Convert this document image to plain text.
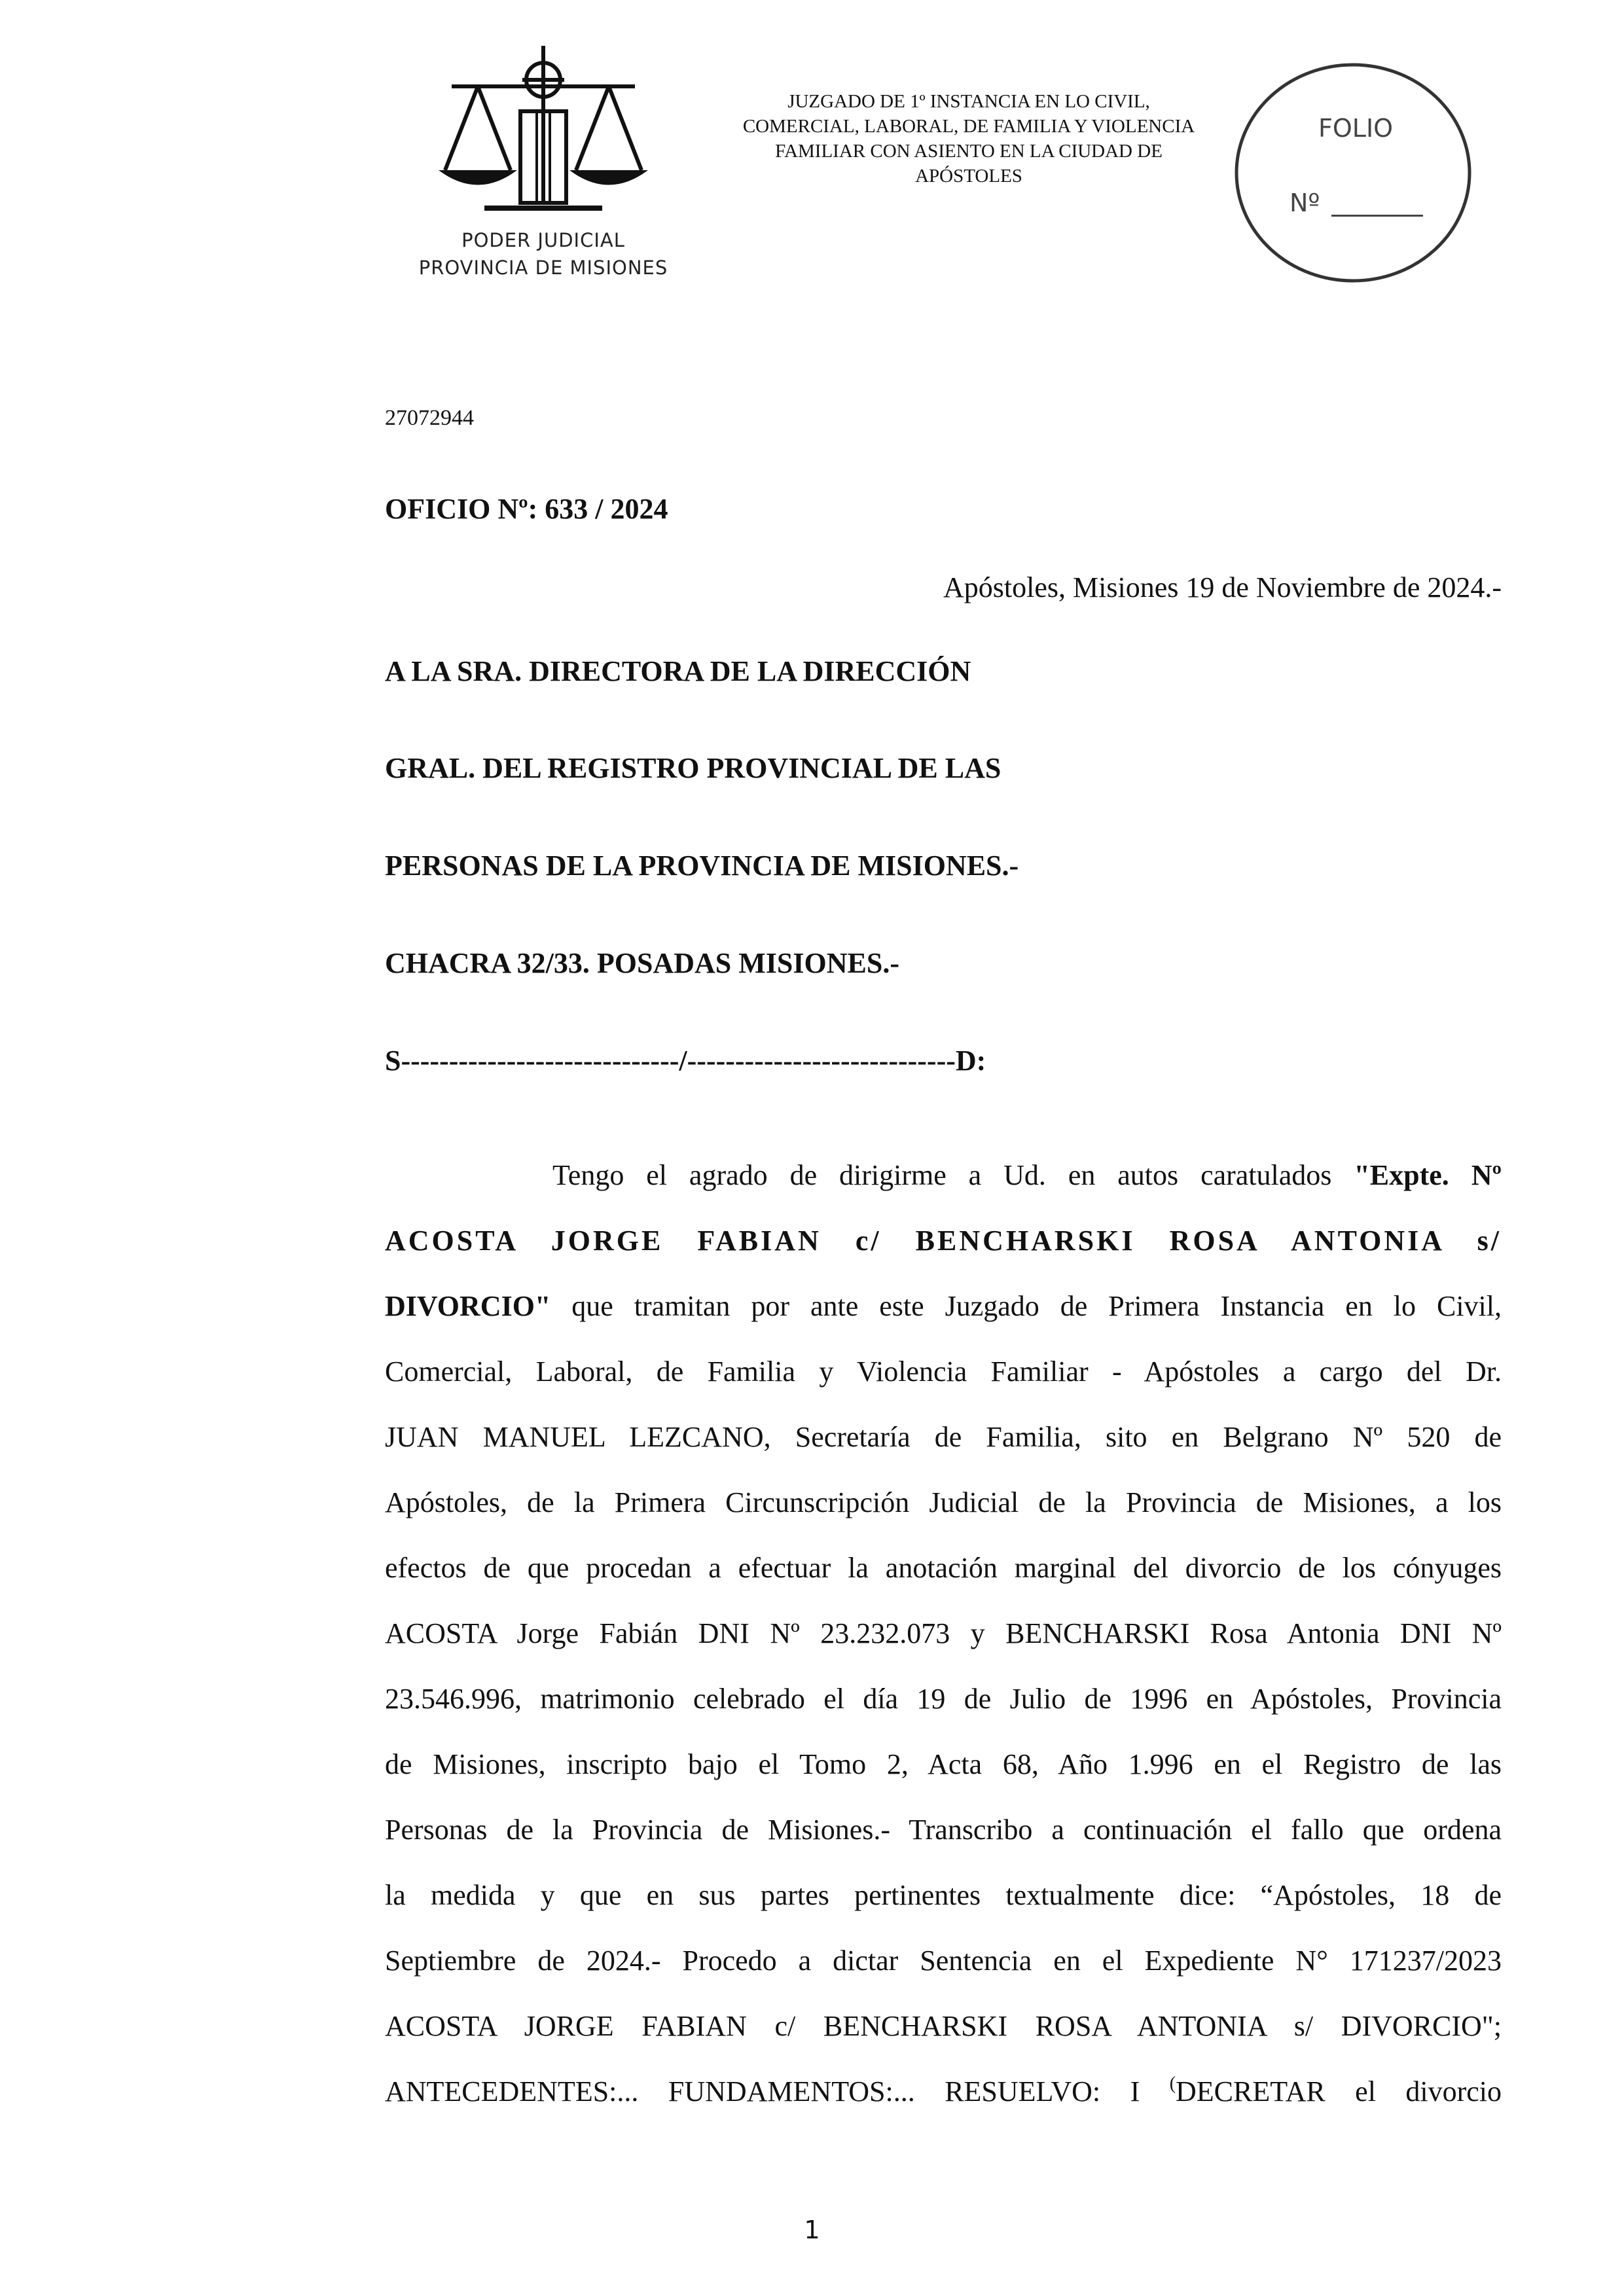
PODER JUDICIAL
PROVINCIA DE MISIONES
JUZGADO DE 1º INSTANCIA EN LO CIVIL,
COMERCIAL, LABORAL, DE FAMILIA Y VIOLENCIA
FAMILIAR CON ASIENTO EN LA CIUDAD DE
APÓSTOLES
FOLIO
Nº
27072944
OFICIO Nº: 633 / 2024
Apóstoles, Misiones 19 de Noviembre de 2024.-
A LA SRA. DIRECTORA DE LA DIRECCIÓN
GRAL. DEL REGISTRO PROVINCIAL DE LAS
PERSONAS DE LA PROVINCIA DE MISIONES.-
CHACRA 32/33. POSADAS MISIONES.-
S-----------------------------/----------------------------D:
Tengo el agrado de dirigirme a Ud. en autos caratulados "Expte. Nº
ACOSTA JORGE FABIAN c/ BENCHARSKI ROSA ANTONIA s/
DIVORCIO" que tramitan por ante este Juzgado de Primera Instancia en lo Civil,
Comercial, Laboral, de Familia y Violencia Familiar - Apóstoles a cargo del Dr.
JUAN MANUEL LEZCANO, Secretaría de Familia, sito en Belgrano Nº 520 de
Apóstoles, de la Primera Circunscripción Judicial de la Provincia de Misiones, a los
efectos de que procedan a efectuar la anotación marginal del divorcio de los cónyuges
ACOSTA Jorge Fabián DNI Nº 23.232.073 y BENCHARSKI Rosa Antonia DNI Nº
23.546.996, matrimonio celebrado el día 19 de Julio de 1996 en Apóstoles, Provincia
de Misiones, inscripto bajo el Tomo 2, Acta 68, Año 1.996 en el Registro de las
Personas de la Provincia de Misiones.- Transcribo a continuación el fallo que ordena
la medida y que en sus partes pertinentes textualmente dice: “Apóstoles, 18 de
Septiembre de 2024.- Procedo a dictar Sentencia en el Expediente N° 171237/2023
ACOSTA JORGE FABIAN c/ BENCHARSKI ROSA ANTONIA s/ DIVORCIO";
ANTECEDENTES:... FUNDAMENTOS:... RESUELVO: I (DECRETAR el divorcio
1
